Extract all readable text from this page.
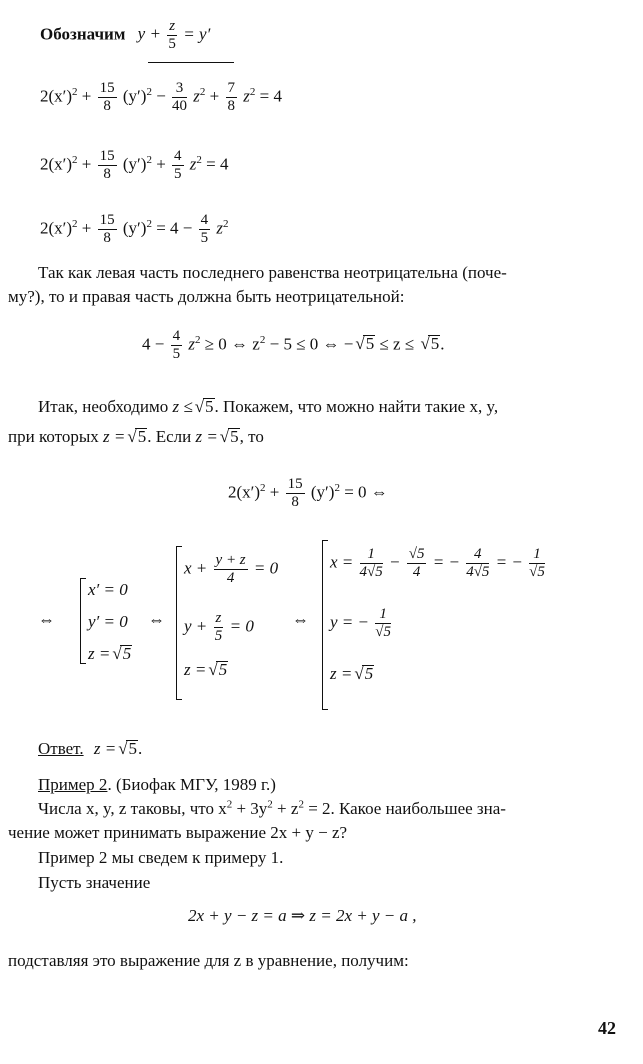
Обозначим $y + \frac{z}{5} = y'$
$2(x')^2 + \frac{15}{8} (y')^2 - \frac{3}{40} z^2 + \frac{7}{8} z^2 = 4$
$2(x')^2 + \frac{15}{8} (y')^2 + \frac{4}{5} z^2 = 4$
$2(x')^2 + \frac{15}{8} (y')^2 = 4 - \frac{4}{5} z^2$
Так как левая часть последнего равенства неотрицательна (поче-
му?), то и правая часть должна быть неотрицательной:
$4 - \frac{4}{5} z^2 \ge 0$ ⇔ $z^2 - 5 \le 0$ ⇔ − √ 5 ≤ z ≤ √ 5.
Итак, необходимо z ≤ √ 5. Покажем, что можно найти такие x, y,
при которых z = √ 5. Если z = √ 5, то
$2(x')^2 + \frac{15}{8} (y')^2 = 0$ ⇔
⇔
x′ = 0
y′ = 0
z = √ 5
⇔
$x + \frac{y + z}{4} = 0$
$y + \frac{z}{5} = 0$
z = √ 5
⇔
$x = \frac{1}{4√5} - \frac{√5}{4}$ = − $\frac{4}{4√5}$ = − $\frac{1}{√5}$
y = − $\frac{1}{√5}$
z = √ 5
Ответ. z = √ 5.
Пример 2. (Биофак МГУ, 1989 г.)
Числа x, y, z таковы, что $x^2 + 3y^2 + z^2 = 2$. Какое наибольшее зна-
чение может принимать выражение 2x + y − z?
Пример 2 мы сведем к примеру 1.
Пусть значение
2x + y − z = a ⇒ z = 2x + y − a ,
подставляя это выражение для z в уравнение, получим:
42
